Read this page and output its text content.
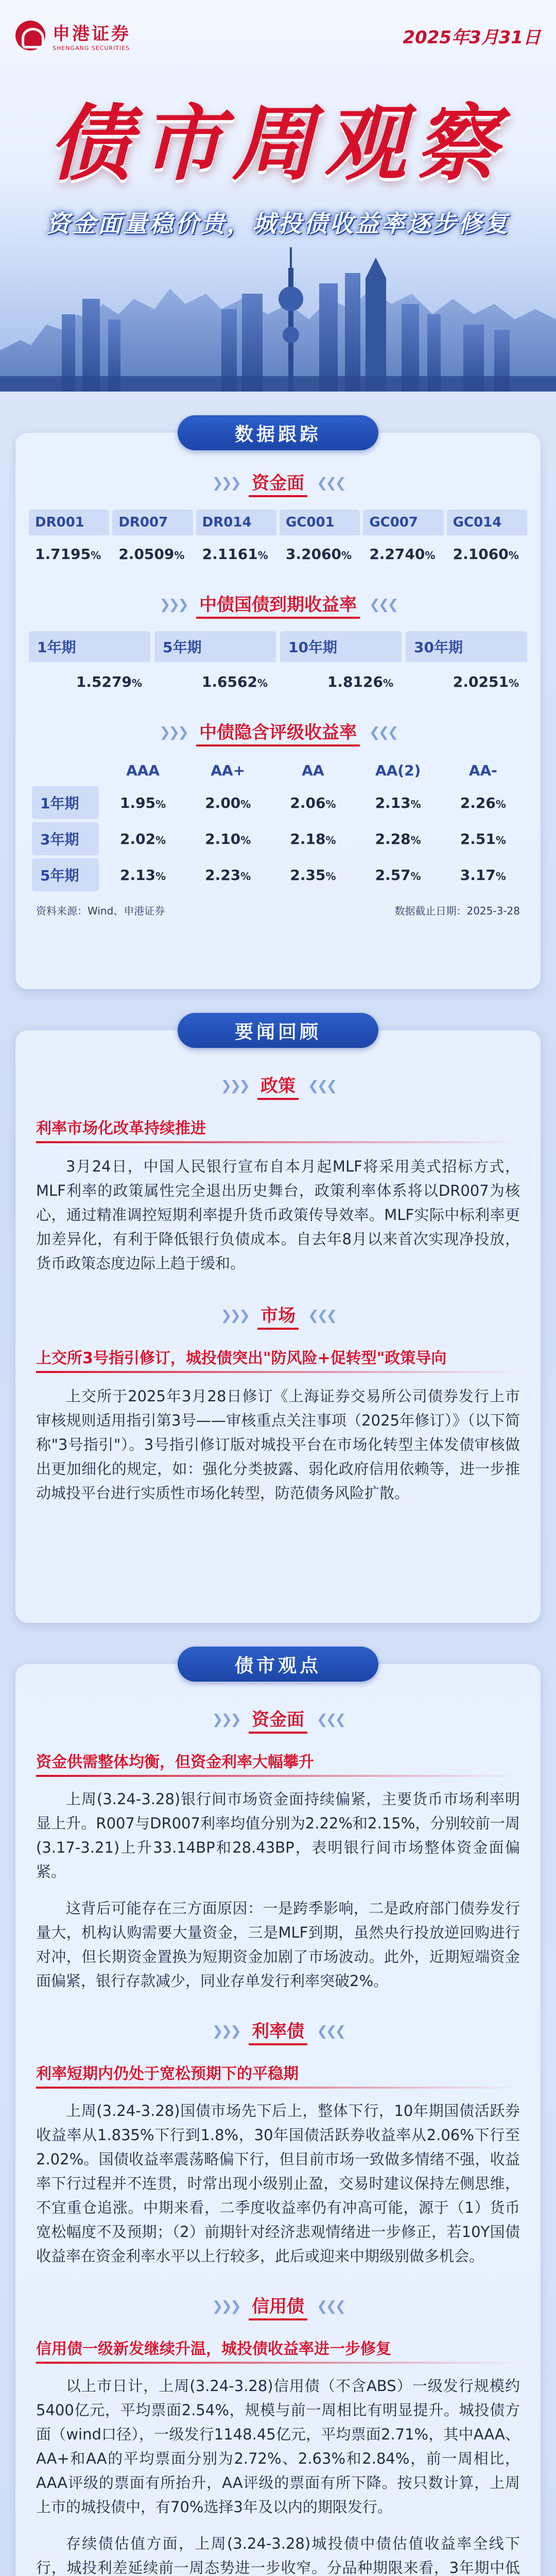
申港证券
SHENGANG SECURITIES
2025年3月31日
债市周观察
资金面量稳价贵，城投债收益率逐步修复
数据跟踪
❯❯❯ 资金面 ❮❮❮
DR001	DR007	DR014	GC001	GC007	GC014
1.7195%	2.0509%	2.1161%	3.2060%	2.2740%	2.1060%
❯❯❯ 中债国债到期收益率 ❮❮❮
1年期	5年期	10年期	30年期
1.5279%	1.6562%	1.8126%	2.0251%
❯❯❯ 中债隐含评级收益率 ❮❮❮
	AAA	AA+	AA	AA(2)	AA-
1年期	1.95%	2.00%	2.06%	2.13%	2.26%
3年期	2.02%	2.10%	2.18%	2.28%	2.51%
5年期	2.13%	2.23%	2.35%	2.57%	3.17%
资料来源：Wind、申港证券	数据截止日期：2025-3-28
要闻回顾
❯❯❯ 政策 ❮❮❮
利率市场化改革持续推进

3月24日，中国人民银行宣布自本月起MLF将采用美式招标方式，MLF利率的政策属性完全退出历史舞台，政策利率体系将以DR007为核心，通过精准调控短期利率提升货币政策传导效率。MLF实际中标利率更加差异化，有利于降低银行负债成本。自去年8月以来首次实现净投放，货币政策态度边际上趋于缓和。

❯❯❯ 市场 ❮❮❮
上交所3号指引修订，城投债突出"防风险+促转型"政策导向

上交所于2025年3月28日修订《上海证券交易所公司债券发行上市审核规则适用指引第3号——审核重点关注事项（2025年修订）》（以下简称"3号指引"）。3号指引修订版对城投平台在市场化转型主体发债审核做出更加细化的规定，如：强化分类披露、弱化政府信用依赖等，进一步推动城投平台进行实质性市场化转型，防范债务风险扩散。

债市观点
❯❯❯ 资金面 ❮❮❮
资金供需整体均衡，但资金利率大幅攀升

上周(3.24-3.28)银行间市场资金面持续偏紧，主要货币市场利率明显上升。R007与DR007利率均值分别为2.22%和2.15%，分别较前一周(3.17-3.21)上升33.14BP和28.43BP，表明银行间市场整体资金面偏紧。

这背后可能存在三方面原因：一是跨季影响，二是政府部门债券发行量大，机构认购需要大量资金，三是MLF到期，虽然央行投放逆回购进行对冲，但长期资金置换为短期资金加剧了市场波动。此外，近期短端资金面偏紧，银行存款减少，同业存单发行利率突破2%。

❯❯❯ 利率债 ❮❮❮
利率短期内仍处于宽松预期下的平稳期

上周(3.24-3.28)国债市场先下后上，整体下行，10年期国债活跃券收益率从1.835%下行到1.8%，30年国债活跃券收益率从2.06%下行至2.02%。国债收益率震荡略偏下行，但目前市场一致做多情绪不强，收益率下行过程并不连贯，时常出现小级别止盈，交易时建议保持左侧思维，不宜重仓追涨。中期来看，二季度收益率仍有冲高可能，源于（1）货币宽松幅度不及预期；（2）前期针对经济悲观情绪进一步修正，若10Y国债收益率在资金利率水平以上行较多，此后或迎来中期级别做多机会。

❯❯❯ 信用债 ❮❮❮
信用债一级新发继续升温，城投债收益率进一步修复

以上市日计，上周(3.24-3.28)信用债（不含ABS）一级发行规模约5400亿元，平均票面2.54%，规模与前一周相比有明显提升。城投债方面（wind口径），一级发行1148.45亿元，平均票面2.71%，其中AAA、AA+和AA的平均票面分别为2.72%、2.63%和2.84%，前一周相比，AAA评级的票面有所抬升，AA评级的票面有所下降。按只数计算，上周上市的城投债中，有70%选择3年及以内的期限发行。

存续债估值方面，上周(3.24-3.28)城投债中债估值收益率全线下行，城投利差延续前一周态势进一步收窄。分品种期限来看，3年期中低
